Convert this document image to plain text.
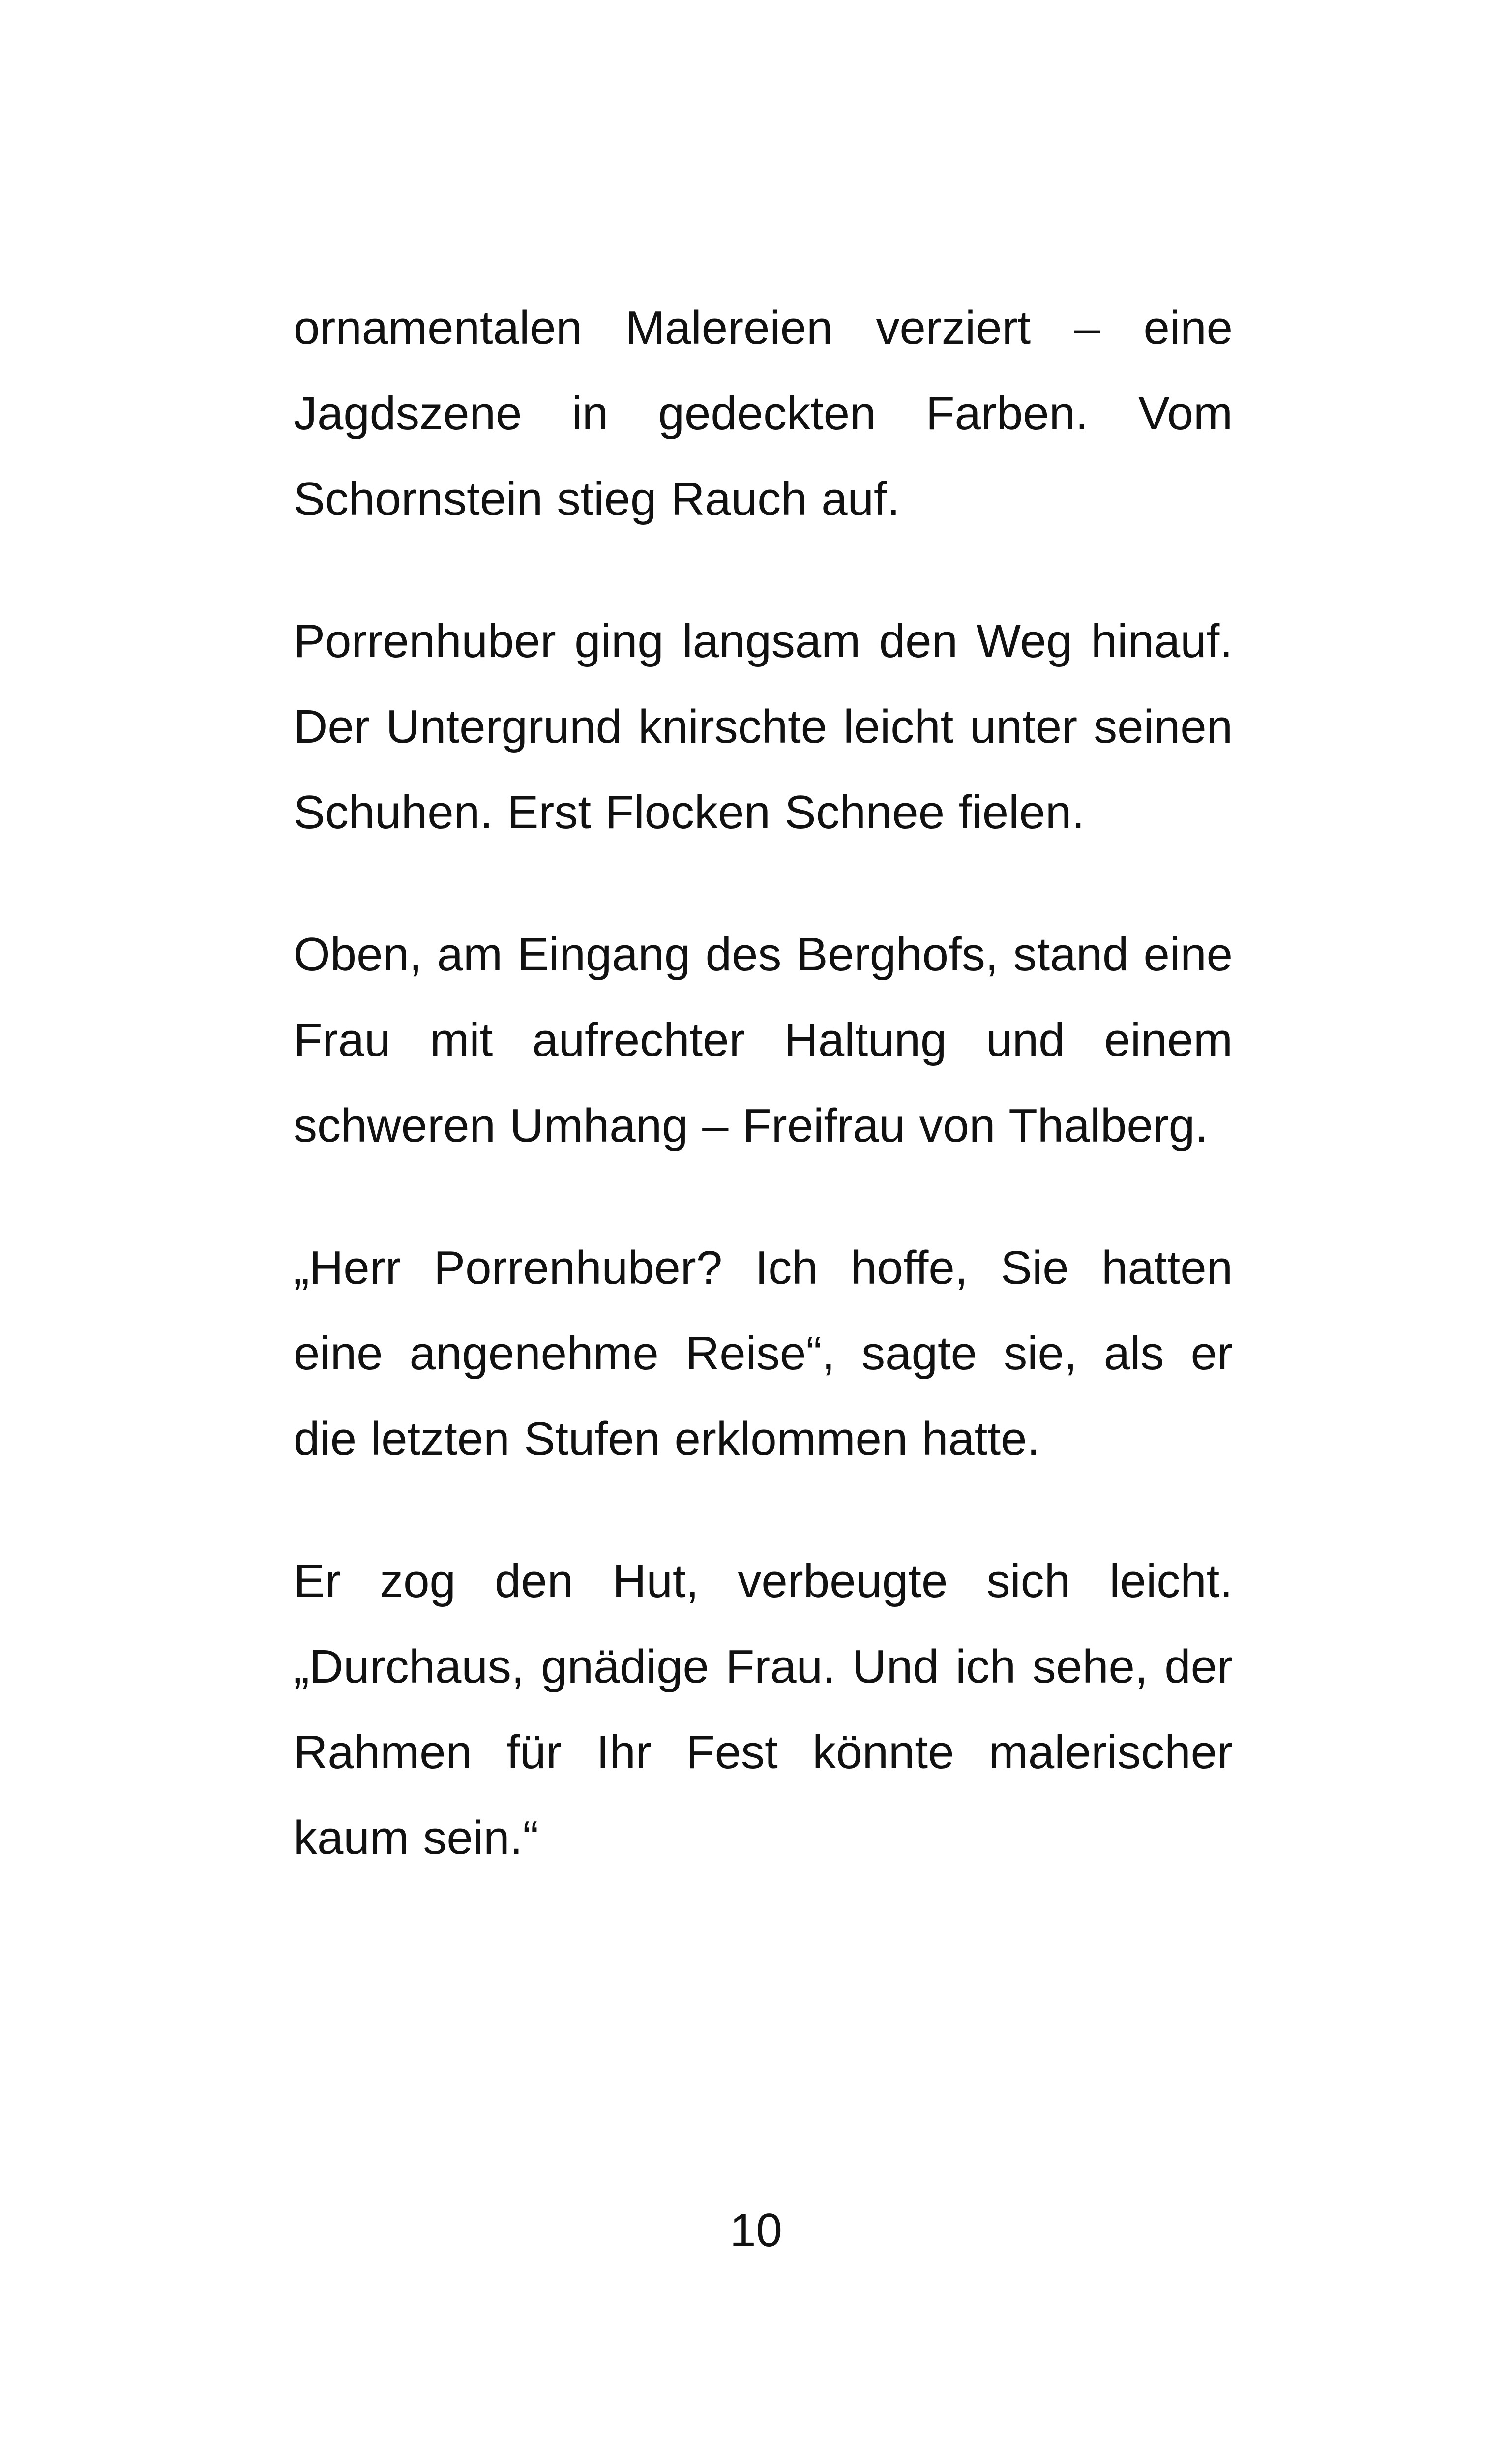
ornamentalen Malereien verziert – eine Jagdszene in gedeckten Farben. Vom Schornstein stieg Rauch auf.

Porrenhuber ging langsam den Weg hinauf. Der Untergrund knirschte leicht unter seinen Schuhen. Erst Flocken Schnee fielen.

Oben, am Eingang des Berghofs, stand eine Frau mit aufrechter Haltung und einem schweren Umhang – Freifrau von Thalberg.

„Herr Porrenhuber? Ich hoffe, Sie hatten eine angenehme Reise“, sagte sie, als er die letzten Stufen erklommen hatte.

Er zog den Hut, verbeugte sich leicht. „Durchaus, gnädige Frau. Und ich sehe, der Rahmen für Ihr Fest könnte malerischer kaum sein.“

10
